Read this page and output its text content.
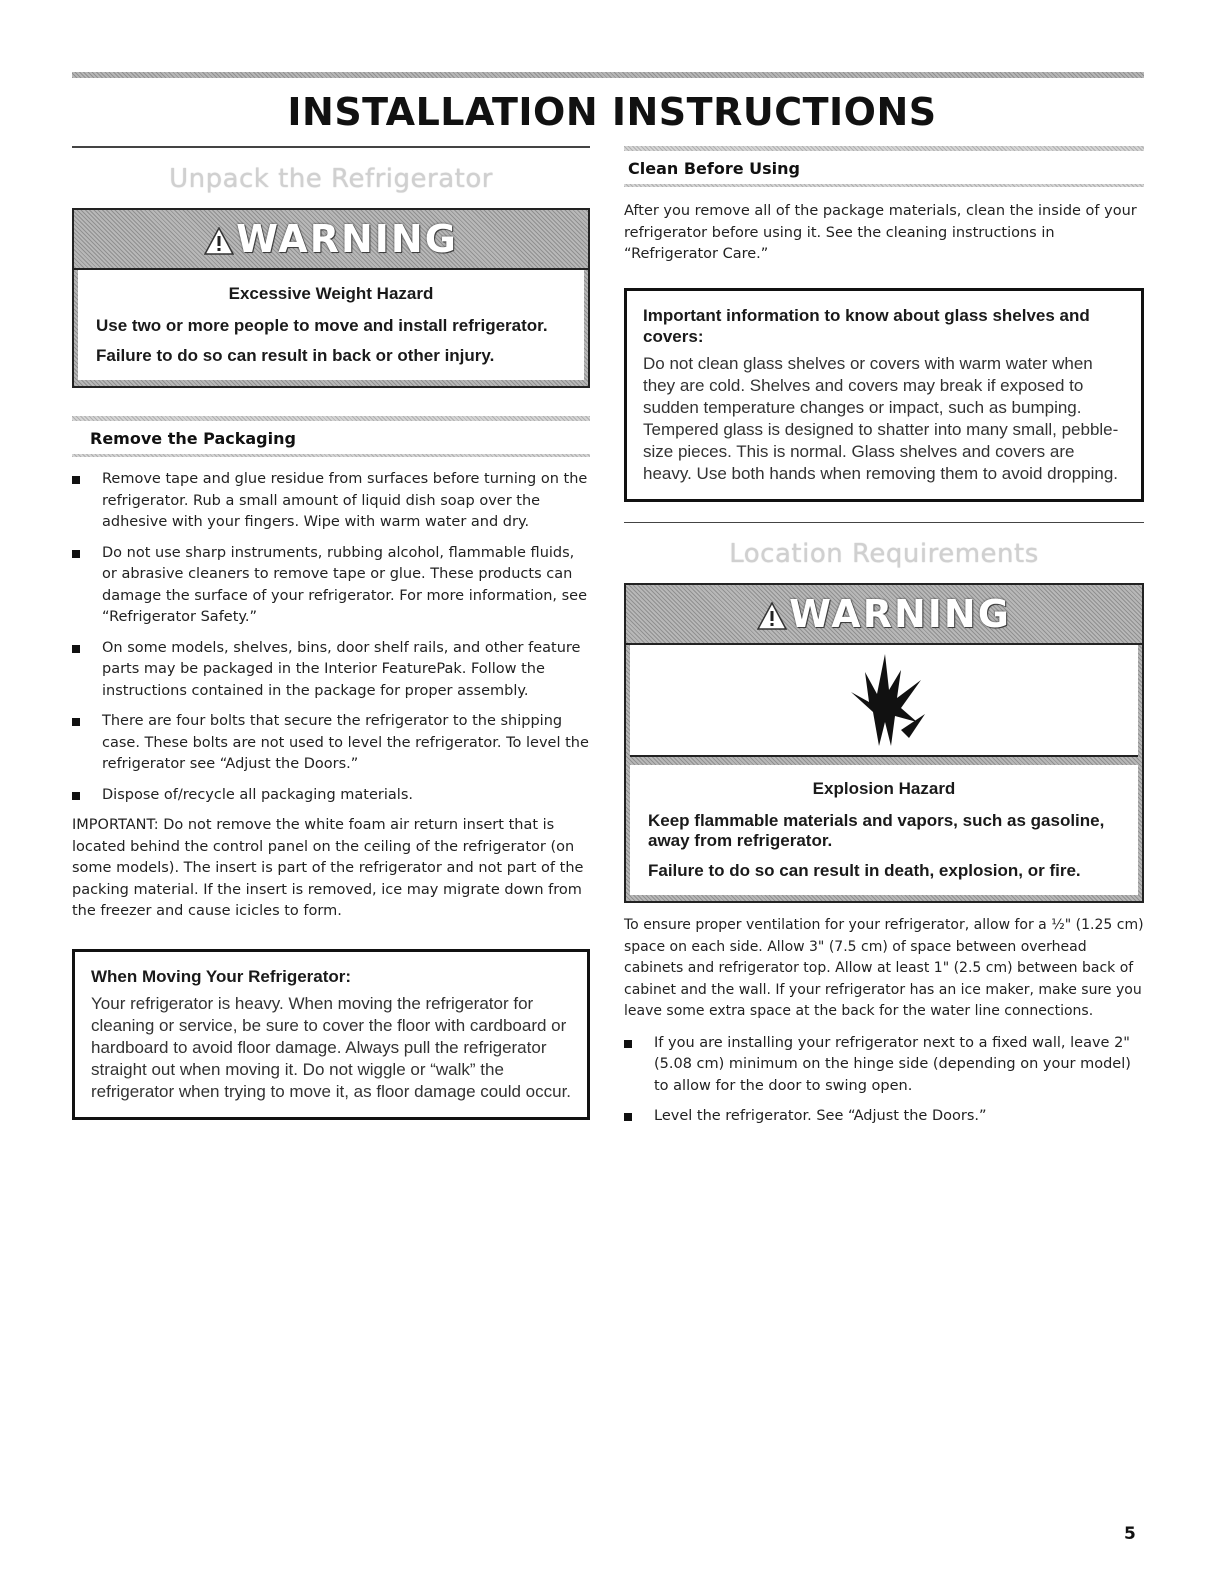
INSTALLATION INSTRUCTIONS
Unpack the Refrigerator
WARNING
Excessive Weight Hazard

Use two or more people to move and install refrigerator.

Failure to do so can result in back or other injury.

Remove the Packaging
Remove tape and glue residue from surfaces before turning on the refrigerator. Rub a small amount of liquid dish soap over the adhesive with your fingers. Wipe with warm water and dry.
Do not use sharp instruments, rubbing alcohol, flammable fluids, or abrasive cleaners to remove tape or glue. These products can damage the surface of your refrigerator. For more information, see “Refrigerator Safety.”
On some models, shelves, bins, door shelf rails, and other feature parts may be packaged in the Interior FeaturePak. Follow the instructions contained in the package for proper assembly.
There are four bolts that secure the refrigerator to the shipping case. These bolts are not used to level the refrigerator. To level the refrigerator see “Adjust the Doors.”
Dispose of/recycle all packaging materials.

IMPORTANT: Do not remove the white foam air return insert that is located behind the control panel on the ceiling of the refrigerator (on some models). The insert is part of the refrigerator and not part of the packing material. If the insert is removed, ice may migrate down from the freezer and cause icicles to form.

When Moving Your Refrigerator:
Your refrigerator is heavy. When moving the refrigerator for cleaning or service, be sure to cover the floor with cardboard or hardboard to avoid floor damage. Always pull the refrigerator straight out when moving it. Do not wiggle or “walk” the refrigerator when trying to move it, as floor damage could occur.
Clean Before Using

After you remove all of the package materials, clean the inside of your refrigerator before using it. See the cleaning instructions in “Refrigerator Care.”

Important information to know about glass shelves and covers:
Do not clean glass shelves or covers with warm water when they are cold. Shelves and covers may break if exposed to sudden temperature changes or impact, such as bumping. Tempered glass is designed to shatter into many small, pebble-size pieces. This is normal. Glass shelves and covers are heavy. Use both hands when removing them to avoid dropping.
Location Requirements
WARNING
Explosion Hazard

Keep flammable materials and vapors, such as gasoline, away from refrigerator.

Failure to do so can result in death, explosion, or fire.

To ensure proper ventilation for your refrigerator, allow for a ½" (1.25 cm) space on each side. Allow 3" (7.5 cm) of space between overhead cabinets and refrigerator top. Allow at least 1" (2.5 cm) between back of cabinet and the wall. If your refrigerator has an ice maker, make sure you leave some extra space at the back for the water line connections.

If you are installing your refrigerator next to a fixed wall, leave 2" (5.08 cm) minimum on the hinge side (depending on your model) to allow for the door to swing open.
Level the refrigerator. See “Adjust the Doors.”
5
